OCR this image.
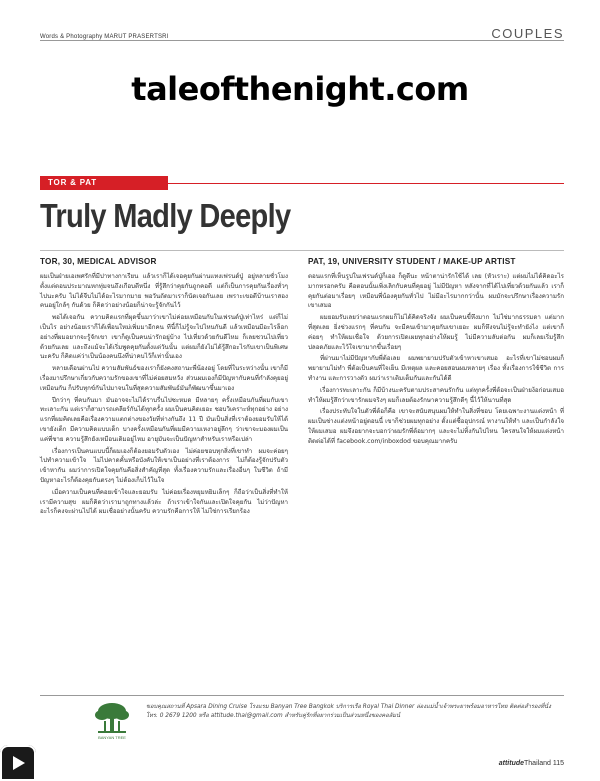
Words & Photography MARUT PRASERTSRI	COUPLES
taleofthenight.com
TOR & PAT
Truly Madly Deeply
TOR, 30, MEDICAL ADVISOR

ผมเป็นฝ่ายเอเพศรักที่มีปาทางกาเรียน แล้วเราก็ได้เจอคุยกันผ่านแทงเฟรนด์ปู่ อยู่หลายชั่วโมง ตั้งแต่ตอนประมาณหกทุ่มจนถึงเกือบตีหนึ่ง ที่รู้สึกว่าคุยกันถูกคอดี แต่ก็เป็นการคุยกันเรื่องทั่วๆ ไปนะครับ ไม่ได้จีบไม่ได้อะไรมากมาย พอวันถัดมาเราก็นัดเจอกันเลย เพราะเขอดีบ้านเราสองคนอยู่ใกล้ๆ กันด้วย ก็คิดว่าอย่างน้อยก็น่าจะรู้จักกันไว้

พอได้เจอกัน ความคิดแรกที่ผุดขึ้นมาว่าเขาไม่ค่อยเหมือนกับในเฟรนด์ปู่เท่าไหร่ แต่ก็ไม่เป็นไร อย่างน้อยเราก็ได้เพื่อนใหม่เพิ่มมาอีกคน ทีนี้ก็ไม่รู้จะไปไหนกันดี แล้วเหมือนมีอะไรล็อกอย่างที่ผมอยากจะรู้จักเขา เขาก็ดูเป็นคนน่ารักอยู่บ้าง ไปเที่ยวด้วยกันดีไหม ก็เลยชวนไปเที่ยวด้วยกันเลย และถึงแม้จะได้เริ่มพูดคุยกันตั้งแต่วันนั้น แต่ผมก็ยังไม่ได้รู้สึกอะไรกับเขาเป็นพิเศษนะครับ ก็คิดแค่ว่าเป็นน้องคนนึงที่น่าคบไว้ก็เท่านั้นเอง

หลายเดือนผ่านไป ความสัมพันธ์ของเราก็ยังคงสถานะพี่น้องอยู่ โดยที่ในระหว่างนั้น เขาก็มีเรื่องมาปรึกษาเกี่ยวกับความรักของเขาที่ไม่ค่อยสมหวัง ส่วนผมเองก็มีปัญหากับคนที่กำลังคุยอยู่เหมือนกัน ก็ปรับทุกข์กันไปมาจนในที่สุดความสัมพันธ์มันก็พัฒนาขึ้นมาเอง

ปีกว่าๆ ที่คบกันมา มันอาจจะไม่ได้ราบรื่นไปซะหมด มีหลายๆ ครั้งเหมือนกันที่ผมกับเขาทะเลาะกัน แต่เราก็สามารถเคลียร์กันได้ทุกครั้ง ผมเป็นคนคิดเยอะ ชอบวิเคราะห์ทุกอย่าง อย่างแรกที่ผมคิดเลยคือเรื่องความแตกต่างของวัยที่ห่างกันถึง 11 ปี มันเป็นสิ่งที่เราต้องยอมรับให้ได้ เขายังเด็ก มีความคิดแบบเด็ก บางครั้งเหมือนกันที่ผมมีความเหงาอยู่ลึกๆ ว่าเขาจะมองผมเป็นแค่พี่ชาย ความรู้สึกยังเหมือนเดิมอยู่ไหม อายุมันจะเป็นปัญหาสำหรับเราหรือเปล่า

เรื่องการเป็นคนแบบนี้ก็ผมเองก็ต้องยอมรับตัวเอง ไม่ค่อยชอบทุกสิ่งที่เขาทำ ผมจะค่อยๆ ไปทำความเข้าใจ ไม่ไปคาดคั้นหรือบังคับให้เขาเป็นอย่างที่เราต้องการ ไม่ก็ต้องรู้จักปรับตัวเข้าหากัน ผมว่าการเปิดใจคุยกันคือสิ่งสำคัญที่สุด ทั้งเรื่องความรักและเรื่องอื่นๆ ในชีวิต ถ้ามีปัญหาอะไรก็ต้องคุยกันตรงๆ ไม่ต้องเก็บไว้ในใจ

เมื่อความเป็นคนที่คอยเข้าใจและยอมรับ ไม่ค่อยเรื่องหยุมหยิมเล็กๆ ก็ถือว่าเป็นสิ่งที่ทำให้เรามีความสุข ผมก็คิดว่าเรามาถูกทางแล้วล่ะ ถ้าเราเข้าใจกันและเปิดใจคุยกัน ไม่ว่าปัญหาอะไรก็คงจะผ่านไปได้ ผมเชื่ออย่างนั้นครับ ความรักคือการให้ ไม่ใช่การเรียกร้อง

PAT, 19, UNIVERSITY STUDENT / MAKE-UP ARTIST

ตอนแรกที่เห็นรูปในเฟรนด์ปู่ก็เออ ก็ดูดีนะ หน้าตาน่ารักใช้ได้ เลย (หัวเราะ) แต่ผมไม่ได้คิดอะไรมากหรอกครับ คือตอนนั้นเพิ่งเลิกกับคนที่คุยอยู่ ไม่มีปัญหา หลังจากที่ได้ไปเที่ยวด้วยกันแล้ว เราก็คุยกันต่อมาเรื่อยๆ เหมือนพี่น้องคุยกันทั่วไป ไม่มีอะไรมากกว่านั้น ผมมักจะปรึกษาเรื่องความรักเขาเสมอ

ผมยอมรับเลยว่าตอนแรกผมก็ไม่ได้คิดจริงจัง ผมเป็นคนขี้หึงมาก ไม่ใช่มากธรรมดา แต่มากที่สุดเลย ยิ่งช่วงแรกๆ ที่คบกัน จะมีคนเข้ามาคุยกับเขาเยอะ ผมก็หึงจนไม่รู้จะทำยังไง แต่เขาก็ค่อยๆ ทำให้ผมเชื่อใจ ด้วยการเปิดเผยทุกอย่างให้ผมรู้ ไม่มีความลับต่อกัน ผมก็เลยเริ่มรู้สึกปลอดภัยและไว้ใจเขามากขึ้นเรื่อยๆ

ที่ผ่านมาไม่มีปัญหากับพี่ต้อเลย ผมพยายามปรับตัวเข้าหาเขาเสมอ อะไรที่เขาไม่ชอบผมก็พยายามไม่ทำ พี่ต้อเป็นคนที่ใจเย็น มีเหตุผล และคอยสอนผมหลายๆ เรื่อง ทั้งเรื่องการใช้ชีวิต การทำงาน และการวางตัว ผมว่าเราเติมเต็มกันและกันได้ดี

เรื่องการทะเลาะกัน ก็มีบ้างนะครับตามประสาคนรักกัน แต่ทุกครั้งพี่ต้อจะเป็นฝ่ายง้อก่อนเสมอ ทำให้ผมรู้สึกว่าเขารักผมจริงๆ ผมก็เลยต้องรักษาความรู้สึกดีๆ นี้ไว้ให้นานที่สุด

เรื่องประทับใจในตัวพี่ต้อก็คือ เขาจะสนับสนุนผมให้ทำในสิ่งที่ชอบ โดยเฉพาะงานแต่งหน้า ที่ผมเป็นช่างแต่งหน้าอยู่ตอนนี้ เขาก็ช่วยผมทุกอย่าง ตั้งแต่ซื้ออุปกรณ์ หางานให้ทำ และเป็นกำลังใจให้ผมเสมอ ผมจึงอยากจะบอกว่าผมรักพี่ต้อมากๆ และจะไม่ทิ้งกันไปไหน ใครสนใจให้ผมแต่งหน้าติดต่อได้ที่ facebook.com/inboxdod ขอบคุณมากครับ

BANYAN TREE
ขอบคุณสถานที่ Apsara Dining Cruise โรงแรม Banyan Tree Bangkok บริการเรือ Royal Thai Dinner ล่องแม่น้ำเจ้าพระยาพร้อมอาหารไทย ติดต่อสำรองที่นั่ง โทร. 0 2679 1200 หรือ attitude.thai@gmail.com สำหรับคู่รักที่อยากร่วมเป็นส่วนหนึ่งของคอลัมน์
attitudeThailand 115
